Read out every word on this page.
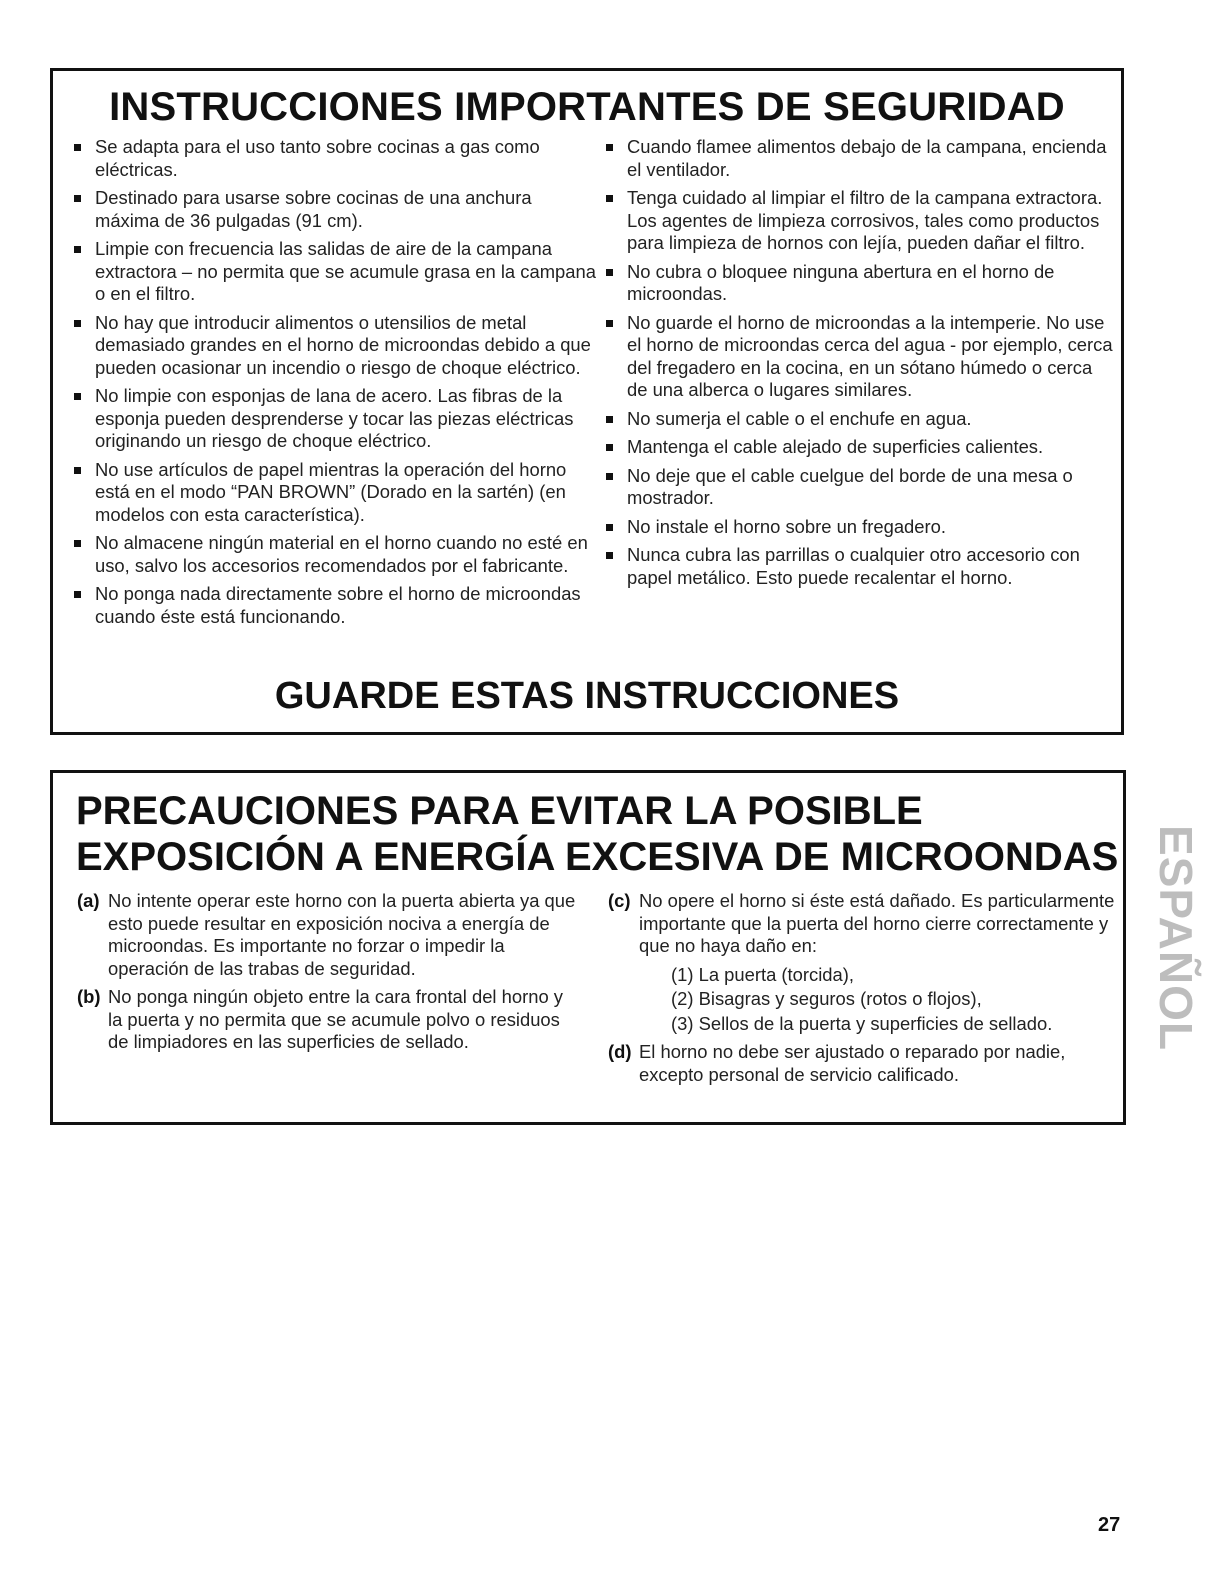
INSTRUCCIONES IMPORTANTES DE SEGURIDAD
Se adapta para el uso tanto sobre cocinas a gas como eléctricas.
Destinado para usarse sobre cocinas de una anchura máxima de 36 pulgadas (91 cm).
Limpie con frecuencia las salidas de aire de la campana extractora – no permita que se acumule grasa en la campana o en el filtro.
No hay que introducir alimentos o utensilios de metal demasiado grandes en el horno de microondas debido a que pueden ocasionar un incendio o riesgo de choque eléctrico.
No limpie con esponjas de lana de acero. Las fibras de la esponja pueden desprenderse y tocar las piezas eléctricas originando un riesgo de choque eléctrico.
No use artículos de papel mientras la operación del horno está en el modo “PAN BROWN” (Dorado en la sartén) (en modelos con esta característica).
No almacene ningún material en el horno cuando no esté en uso, salvo los accesorios recomendados por el fabricante.
No ponga nada directamente sobre el horno de microondas cuando éste está funcionando.
Cuando flamee alimentos debajo de la campana, encienda el ventilador.
Tenga cuidado al limpiar el filtro de la campana extractora. Los agentes de limpieza corrosivos, tales como productos para limpieza de hornos con lejía, pueden dañar el filtro.
No cubra o bloquee ninguna abertura en el horno de microondas.
No guarde el horno de microondas a la intemperie. No use el horno de microondas cerca del agua - por ejemplo, cerca del fregadero en la cocina, en un sótano húmedo o cerca de una alberca o lugares similares.
No sumerja el cable o el enchufe en agua.
Mantenga el cable alejado de superficies calientes.
No deje que el cable cuelgue del borde de una mesa o mostrador.
No instale el horno sobre un fregadero.
Nunca cubra las parrillas o cualquier otro accesorio con papel metálico. Esto puede recalentar el horno.
GUARDE ESTAS INSTRUCCIONES
PRECAUCIONES PARA EVITAR LA POSIBLE
EXPOSICIÓN A ENERGÍA EXCESIVA DE MICROONDAS
(a) No intente operar este horno con la puerta abierta ya que esto puede resultar en exposición nociva a energía de microondas. Es importante no forzar o impedir la operación de las trabas de seguridad.
(b) No ponga ningún objeto entre la cara frontal del horno y la puerta y no permita que se acumule polvo o residuos de limpiadores en las superficies de sellado.
(c) No opere el horno si éste está dañado. Es particularmente importante que la puerta del horno cierre correctamente y que no haya daño en:
(1) La puerta (torcida),
(2) Bisagras y seguros (rotos o flojos),
(3) Sellos de la puerta y superficies de sellado.
(d) El horno no debe ser ajustado o reparado por nadie, excepto personal de servicio calificado.
ESPAÑOL
27
